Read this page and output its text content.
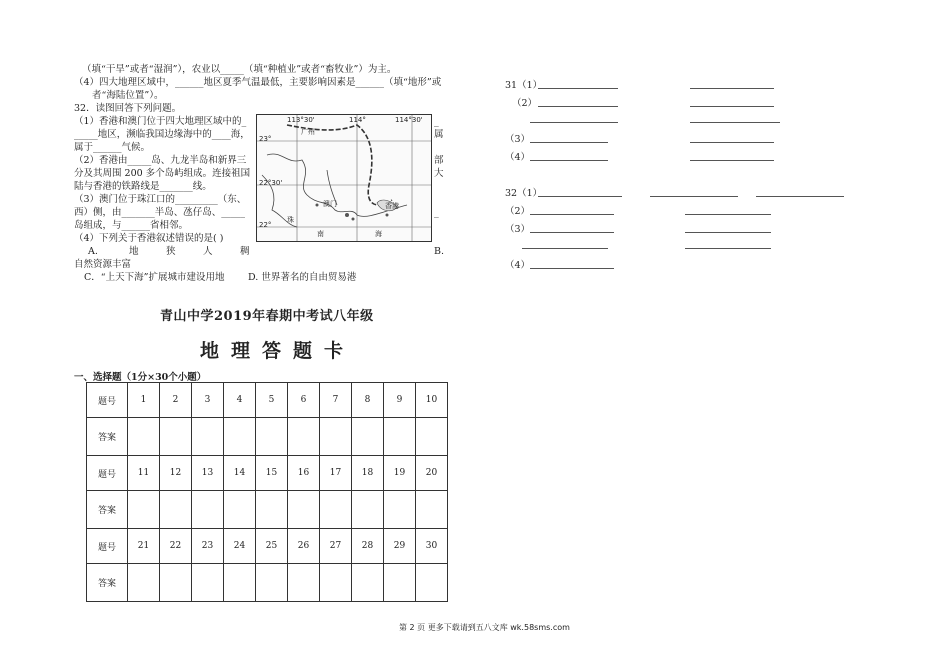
（填“干旱”或者“湿润”），农业以_____（填“种植业”或者“畜牧业”）为主。
（4）四大地理区域中，______地区夏季气温最低，主要影响因素是______（填“地形”或
者“海陆位置”）。
32．读图回答下列问题。
（1）香港和澳门位于四大地理区域中的_
_____地区，濒临我国边缘海中的____海，
属于______气候。
（2）香港由_____岛、九龙半岛和新界三
分及其周围 200 多个岛屿组成。连接祖国
陆与香港的铁路线是_______线。
（3）澳门位于珠江口的_________（东、
西）侧，由_______半岛、氹仔岛、_____
岛组成，与______省相邻。
（4）下列关于香港叙述错误的是( )
A.	地	狭	人	稠	B.
自然资源丰富
C．“上天下海”扩展城市建设用地 D. 世界著名的自由贸易港
_
属
部
大
_
113°30'	114°	114°30'
23°
22°30'
22°
广州
澳门	香港
珠
南	海
31（1）
（2）
（3）
（4）
32（1）
（2）
（3）
（4）
青山中学2019年春期中考试八年级
地理答题卡
一、选择题（1分×30个小题）
题号	1	2	3	4	5	6	7	8	9	10
答案										
题号	11	12	13	14	15	16	17	18	19	20
答案										
题号	21	22	23	24	25	26	27	28	29	30
答案										
第 2 页 更多下载请到五八文库 wk.58sms.com
